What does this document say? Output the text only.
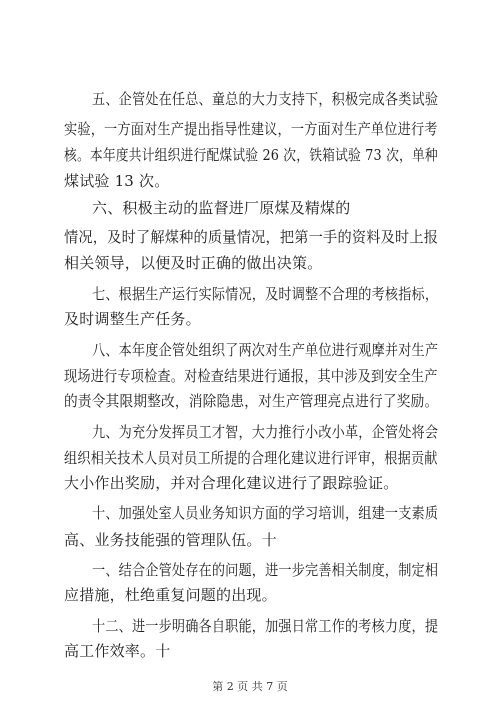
五、企管处在任总、童总的大力支持下，积极完成各类试验
实验，一方面对生产提出指导性建议，一方面对生产单位进行考
核。本年度共计组织进行配煤试验 26 次，铁箱试验 73 次，单种
煤试验 13 次。
六、积极主动的监督进厂原煤及精煤的
情况，及时了解煤种的质量情况，把第一手的资料及时上报
相关领导，以便及时正确的做出决策。
七、根据生产运行实际情况，及时调整不合理的考核指标，
及时调整生产任务。
八、本年度企管处组织了两次对生产单位进行观摩并对生产
现场进行专项检查。对检查结果进行通报，其中涉及到安全生产
的责令其限期整改，消除隐患，对生产管理亮点进行了奖励。
九、为充分发挥员工才智，大力推行小改小革，企管处将会
组织相关技术人员对员工所提的合理化建议进行评审，根据贡献
大小作出奖励，并对合理化建议进行了跟踪验证。
十、加强处室人员业务知识方面的学习培训，组建一支素质
高、业务技能强的管理队伍。十
一、结合企管处存在的问题，进一步完善相关制度，制定相
应措施，杜绝重复问题的出现。
十二、进一步明确各自职能，加强日常工作的考核力度，提
高工作效率。十
第 2 页 共 7 页
